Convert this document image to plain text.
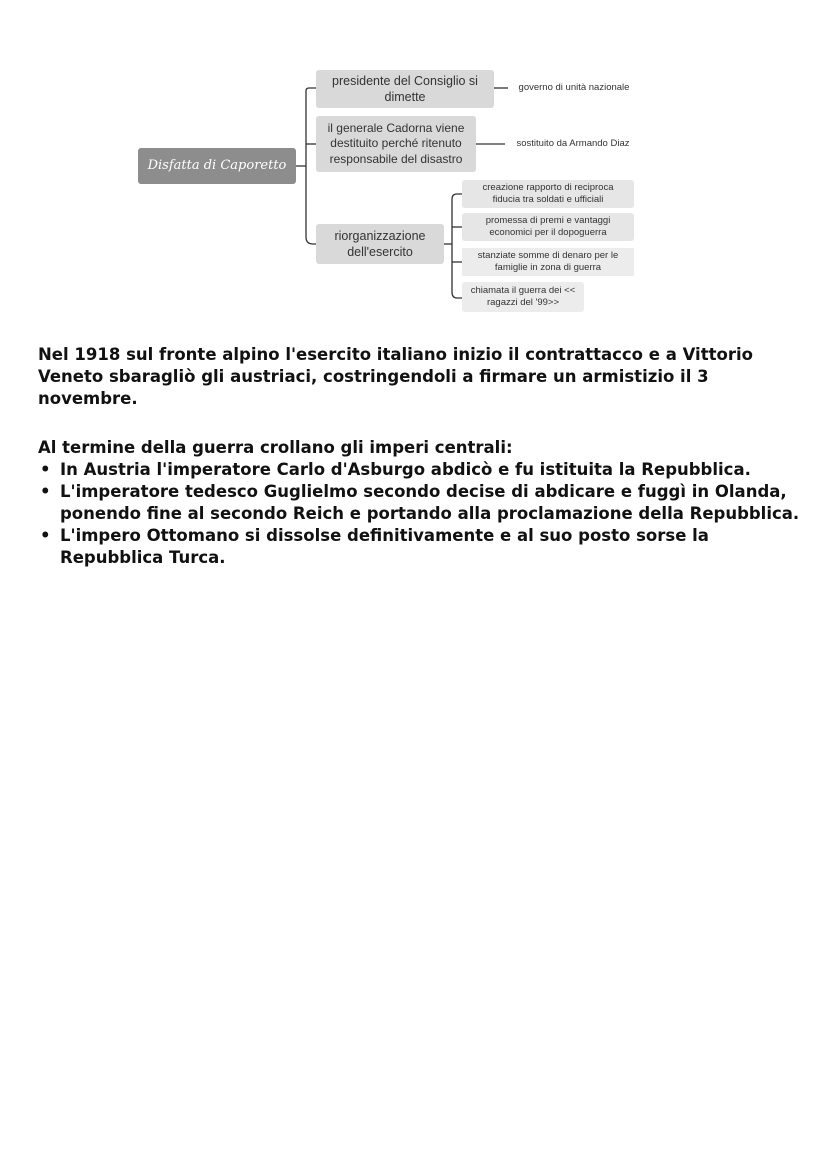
Disfatta di Caporetto
presidente del Consiglio si dimette
governo di unità nazionale
il generale Cadorna viene destituito perché ritenuto responsabile del disastro
sostituito da Armando Diaz
riorganizzazione dell'esercito
creazione rapporto di reciproca fiducia tra soldati e ufficiali
promessa di premi e vantaggi economici per il dopoguerra
stanziate somme di denaro per le famiglie in zona di guerra
chiamata il guerra dei << ragazzi del '99>>
Nel 1918 sul fronte alpino l'esercito italiano inizio il contrattacco e a Vittorio Veneto sbaragliò gli austriaci, costringendoli a firmare un armistizio il 3 novembre.
Al termine della guerra crollano gli imperi centrali:
• In Austria l'imperatore Carlo d'Asburgo abdicò e fu istituita la Repubblica.
• L'imperatore tedesco Guglielmo secondo decise di abdicare e fuggì in Olanda, ponendo fine al secondo Reich e portando alla proclamazione della Repubblica.
• L'impero Ottomano si dissolse definitivamente e al suo posto sorse la Repubblica Turca.
